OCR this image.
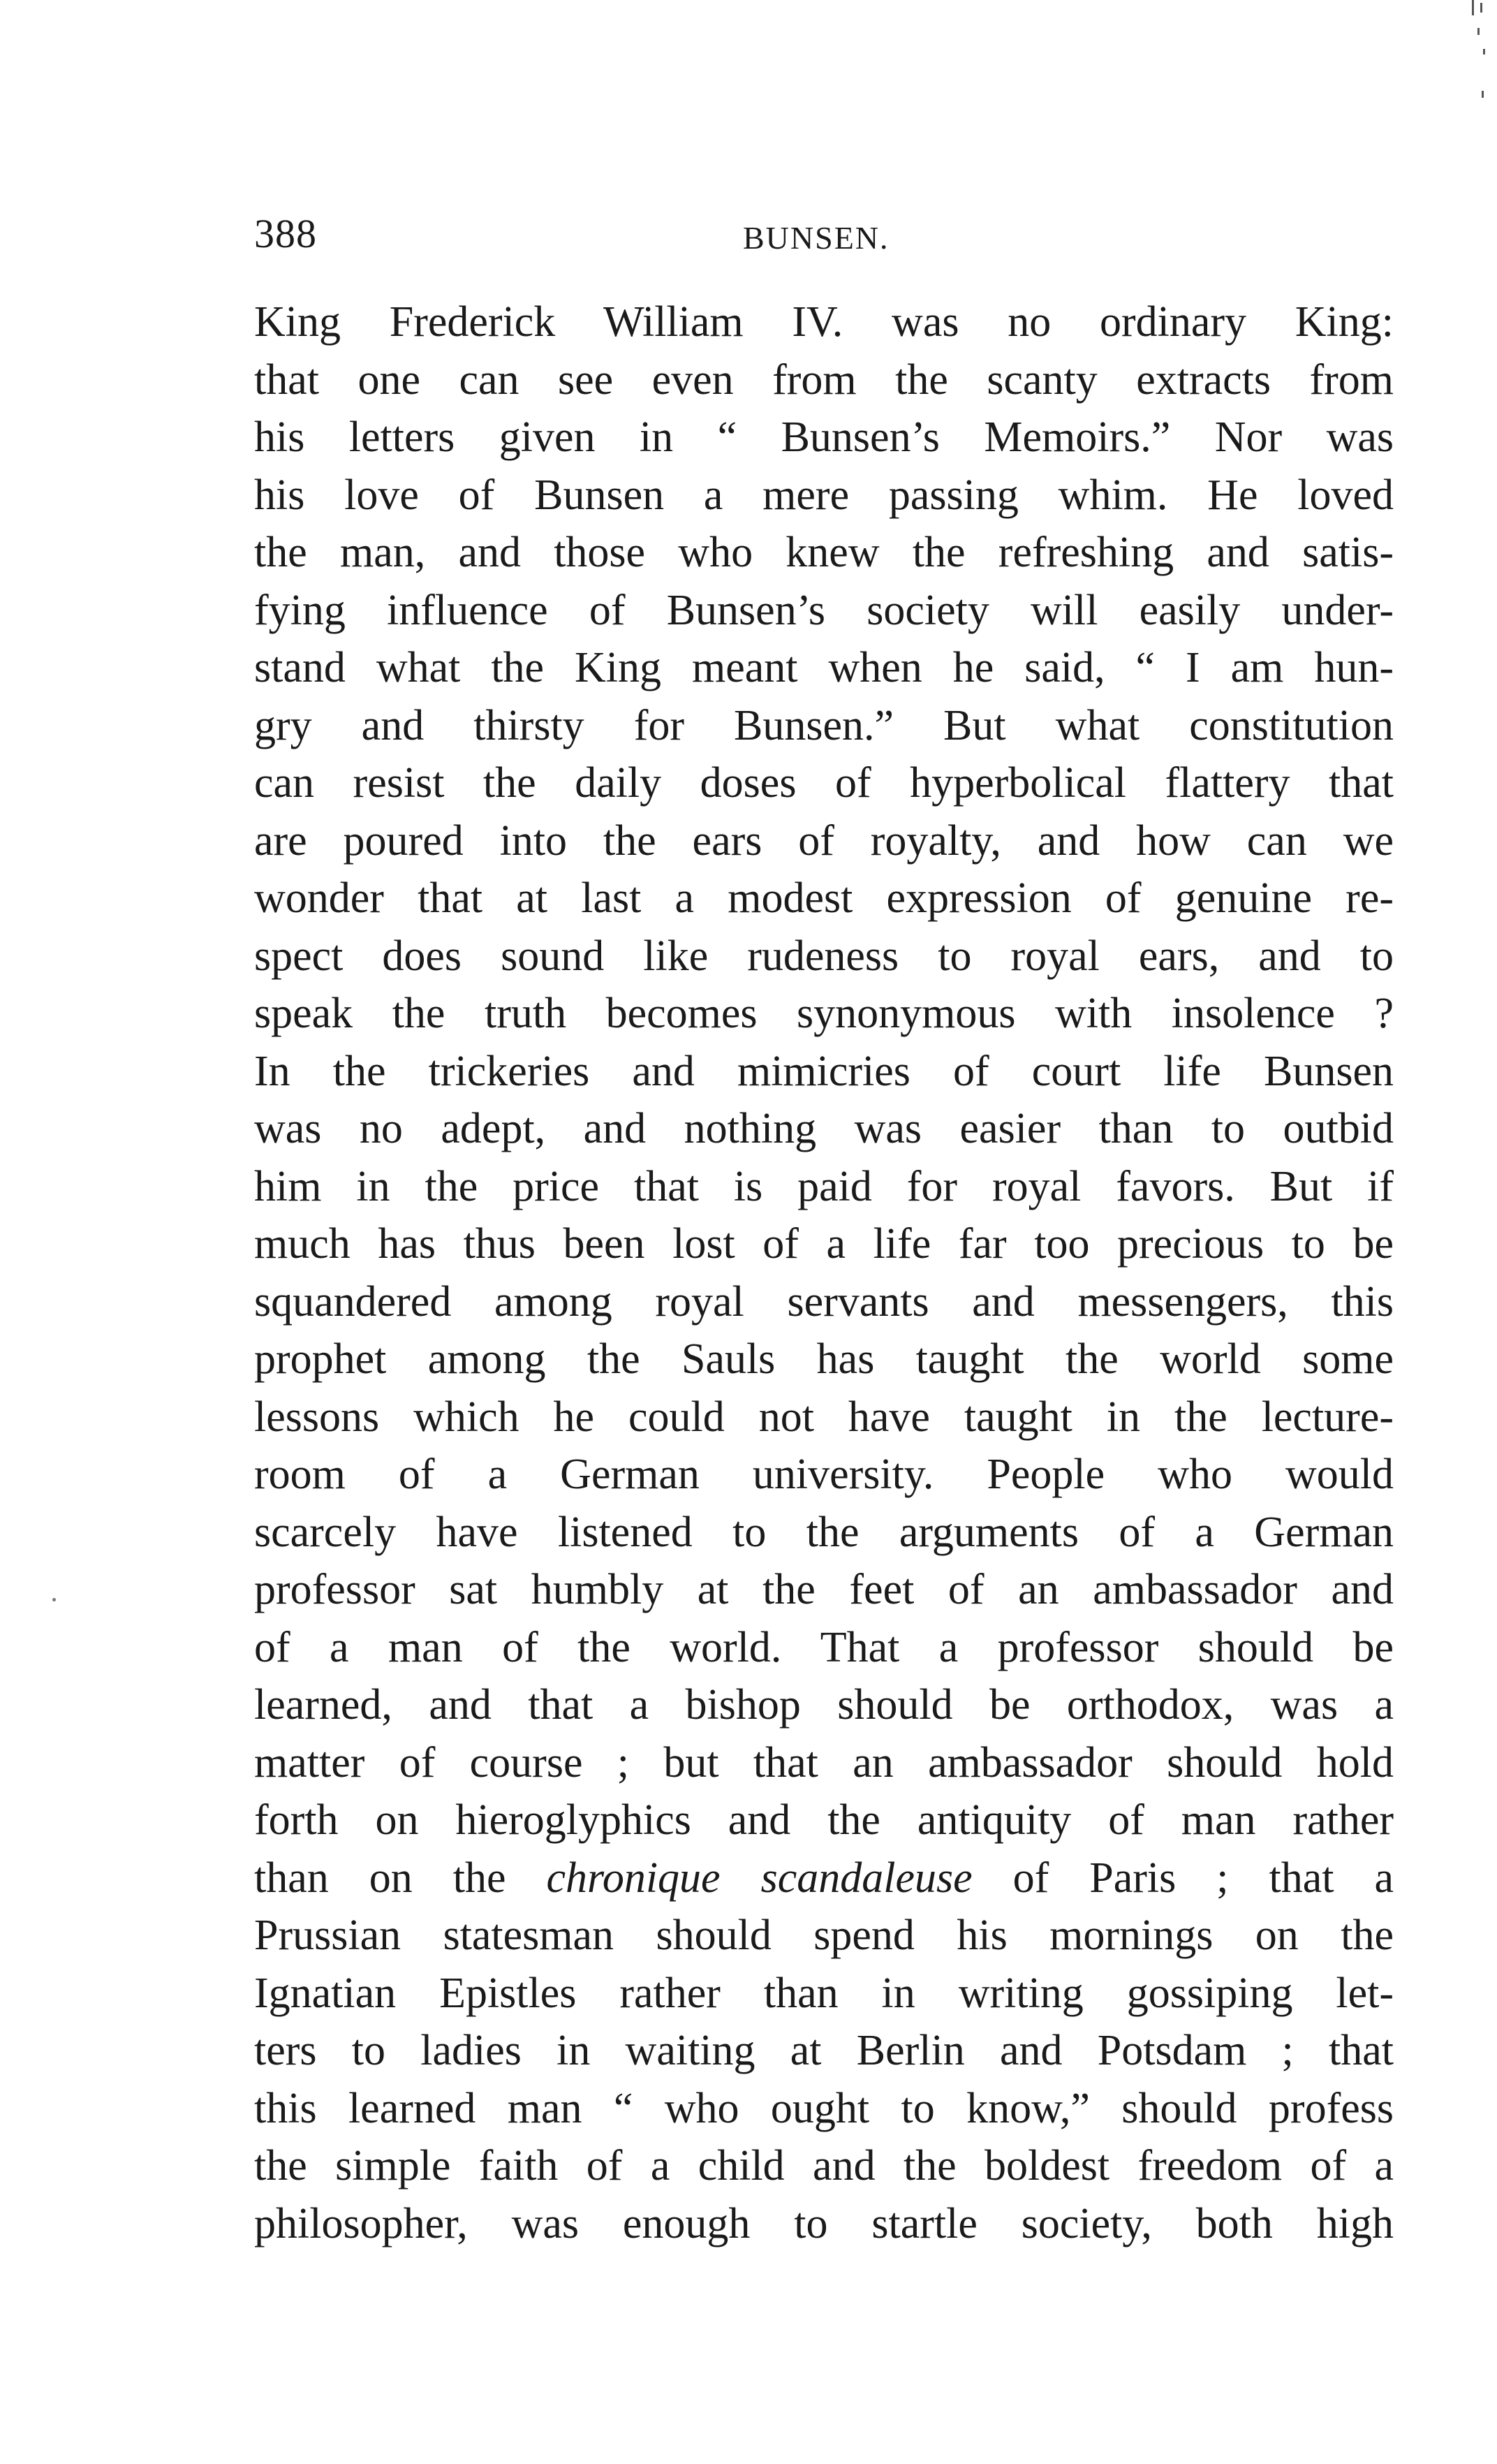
388	BUNSEN.
King Frederick William IV. was no ordinary King:
that one can see even from the scanty extracts from
his letters given in “ Bunsen’s Memoirs.” Nor was
his love of Bunsen a mere passing whim. He loved
the man, and those who knew the refreshing and satis-
fying influence of Bunsen’s society will easily under-
stand what the King meant when he said, “ I am hun-
gry and thirsty for Bunsen.” But what constitution
can resist the daily doses of hyperbolical flattery that
are poured into the ears of royalty, and how can we
wonder that at last a modest expression of genuine re-
spect does sound like rudeness to royal ears, and to
speak the truth becomes synonymous with insolence ?
In the trickeries and mimicries of court life Bunsen
was no adept, and nothing was easier than to outbid
him in the price that is paid for royal favors. But if
much has thus been lost of a life far too precious to be
squandered among royal servants and messengers, this
prophet among the Sauls has taught the world some
lessons which he could not have taught in the lecture-
room of a German university. People who would
scarcely have listened to the arguments of a German
professor sat humbly at the feet of an ambassador and
of a man of the world. That a professor should be
learned, and that a bishop should be orthodox, was a
matter of course ; but that an ambassador should hold
forth on hieroglyphics and the antiquity of man rather
than on the chronique scandaleuse of Paris ; that a
Prussian statesman should spend his mornings on the
Ignatian Epistles rather than in writing gossiping let-
ters to ladies in waiting at Berlin and Potsdam ; that
this learned man “ who ought to know,” should profess
the simple faith of a child and the boldest freedom of a
philosopher, was enough to startle society, both high
